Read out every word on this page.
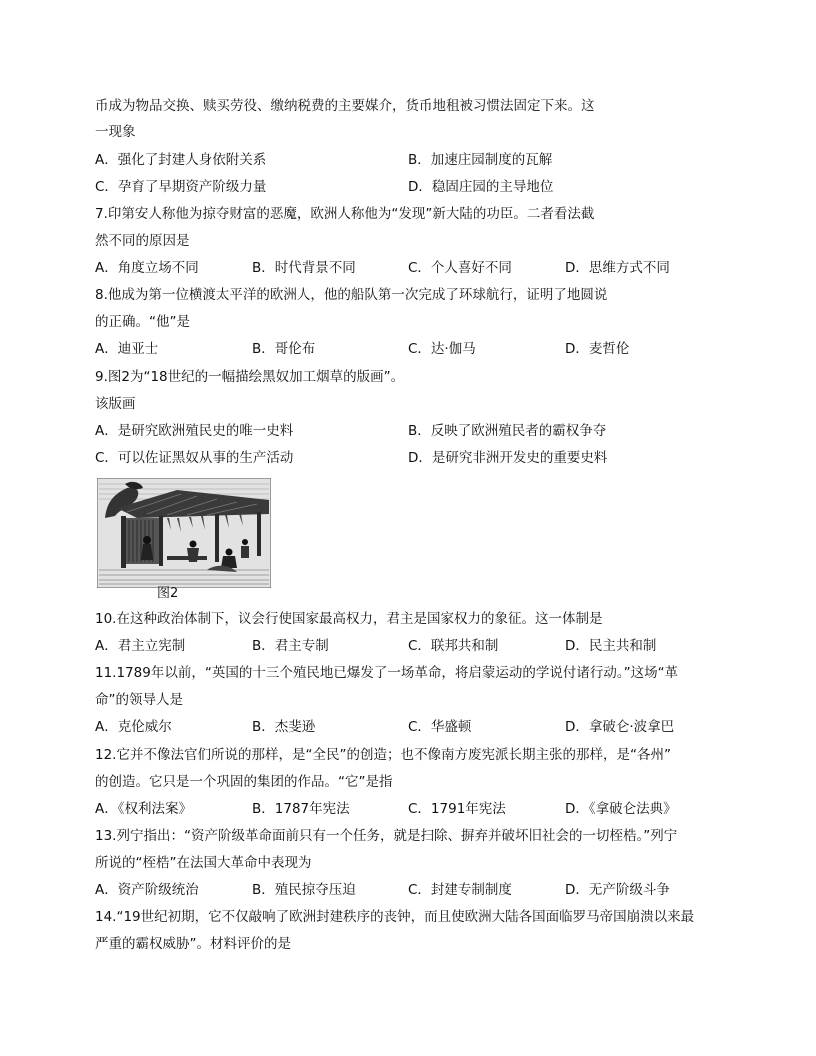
币成为物品交换、赎买劳役、缴纳税费的主要媒介，货币地租被习惯法固定下来。这
一现象
A．强化了封建人身依附关系	B．加速庄园制度的瓦解
C．孕育了早期资产阶级力量	D．稳固庄园的主导地位
7.印第安人称他为掠夺财富的恶魔，欧洲人称他为“发现”新大陆的功臣。二者看法截
然不同的原因是
A．角度立场不同	B．时代背景不同	C．个人喜好不同	D．思维方式不同
8.他成为第一位横渡太平洋的欧洲人，他的船队第一次完成了环球航行，证明了地圆说
的正确。“他”是
A．迪亚士	B．哥伦布	C．达·伽马	D．麦哲伦
9.图2为“18世纪的一幅描绘黑奴加工烟草的版画”。
该版画
A．是研究欧洲殖民史的唯一史料	B．反映了欧洲殖民者的霸权争夺
C．可以佐证黑奴从事的生产活动	D．是研究非洲开发史的重要史料
图2
10.在这种政治体制下，议会行使国家最高权力，君主是国家权力的象征。这一体制是
A．君主立宪制	B．君主专制	C．联邦共和制	D．民主共和制
11.1789年以前，“英国的十三个殖民地已爆发了一场革命，将启蒙运动的学说付诸行动。”这场“革
命”的领导人是
A．克伦威尔	B．杰斐逊	C．华盛顿	D．拿破仑·波拿巴
12.它并不像法官们所说的那样，是“全民”的创造；也不像南方废宪派长期主张的那样，是“各州”
的创造。它只是一个巩固的集团的作品。“它”是指
A．《权利法案》	B．1787年宪法	C．1791年宪法	D．《拿破仑法典》
13.列宁指出：“资产阶级革命面前只有一个任务，就是扫除、摒弃并破坏旧社会的一切桎梏。”列宁
所说的“桎梏”在法国大革命中表现为
A．资产阶级统治	B．殖民掠夺压迫	C．封建专制制度	D．无产阶级斗争
14.“19世纪初期，它不仅敲响了欧洲封建秩序的丧钟，而且使欧洲大陆各国面临罗马帝国崩溃以来最
严重的霸权威胁”。材料评价的是
